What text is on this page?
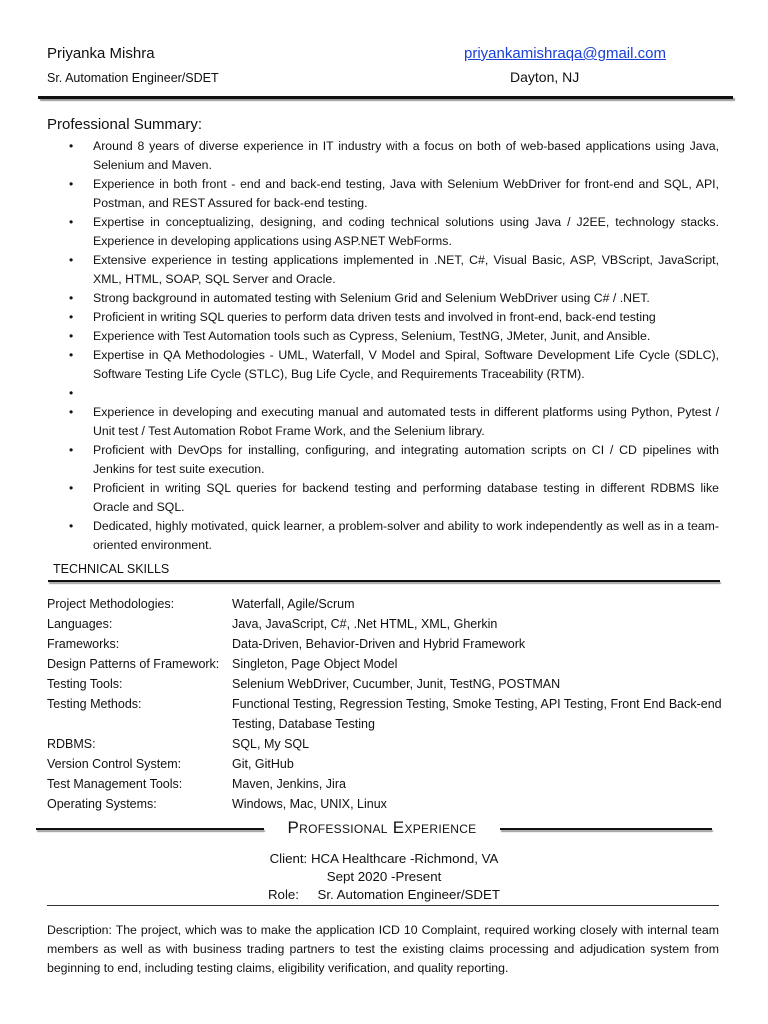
Priyanka Mishra
Sr. Automation Engineer/SDET
priyankamishraqa@gmail.com
Dayton, NJ
Professional Summary:
•	Around 8 years of diverse experience in IT industry with a focus on both of web-based applications using Java, Selenium and Maven.
•	Experience in both front - end and back-end testing, Java with Selenium WebDriver for front-end and SQL, API, Postman, and REST Assured for back-end testing.
•	Expertise in conceptualizing, designing, and coding technical solutions using Java / J2EE, technology stacks. Experience in developing applications using ASP.NET WebForms.
•	Extensive experience in testing applications implemented in .NET, C#, Visual Basic, ASP, VBScript, JavaScript, XML, HTML, SOAP, SQL Server and Oracle.
•	Strong background in automated testing with Selenium Grid and Selenium WebDriver using C# / .NET.
•	Proficient in writing SQL queries to perform data driven tests and involved in front-end, back-end testing
•	Experience with Test Automation tools such as Cypress, Selenium, TestNG, JMeter, Junit, and Ansible.
•	Expertise in QA Methodologies - UML, Waterfall, V Model and Spiral, Software Development Life Cycle (SDLC), Software Testing Life Cycle (STLC), Bug Life Cycle, and Requirements Traceability (RTM).
•
•	Experience in developing and executing manual and automated tests in different platforms using Python, Pytest / Unit test / Test Automation Robot Frame Work, and the Selenium library.
•	Proficient with DevOps for installing, configuring, and integrating automation scripts on CI / CD pipelines with Jenkins for test suite execution.
•	Proficient in writing SQL queries for backend testing and performing database testing in different RDBMS like Oracle and SQL.
•	Dedicated, highly motivated, quick learner, a problem-solver and ability to work independently as well as in a team-oriented environment.
TECHNICAL SKILLS
Project Methodologies:	Waterfall, Agile/Scrum
Languages:	Java, JavaScript, C#, .Net HTML, XML, Gherkin
Frameworks:	Data-Driven, Behavior-Driven and Hybrid Framework
Design Patterns of Framework:	Singleton, Page Object Model
Testing Tools:	Selenium WebDriver, Cucumber, Junit, TestNG, POSTMAN
Testing Methods:	Functional Testing, Regression Testing, Smoke Testing, API Testing, Front End Back-end Testing, Database Testing
RDBMS:	SQL, My SQL
Version Control System:	Git, GitHub
Test Management Tools:	Maven, Jenkins, Jira
Operating Systems:	Windows, Mac, UNIX, Linux
Professional Experience
Client: HCA Healthcare -Richmond, VA
Sept 2020 -Present
Role:     Sr. Automation Engineer/SDET
Description: The project, which was to make the application ICD 10 Complaint, required working closely with internal team members as well as with business trading partners to test the existing claims processing and adjudication system from beginning to end, including testing claims, eligibility verification, and quality reporting.
